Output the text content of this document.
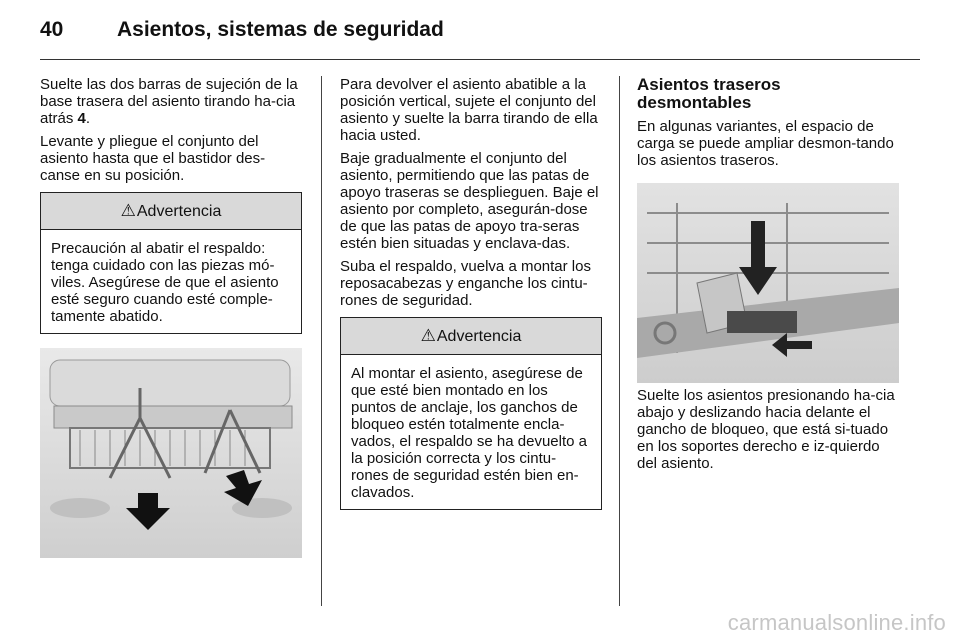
40	Asientos, sistemas de seguridad

Suelte las dos barras de sujeción de la base trasera del asiento tirando ha-cia atrás 4.

Levante y pliegue el conjunto del asiento hasta que el bastidor des-canse en su posición.

⚠Advertencia
Precaución al abatir el respaldo: tenga cuidado con las piezas mó-viles. Asegúrese de que el asiento esté seguro cuando esté comple-tamente abatido.

Para devolver el asiento abatible a la posición vertical, sujete el conjunto del asiento y suelte la barra tirando de ella hacia usted.

Baje gradualmente el conjunto del asiento, permitiendo que las patas de apoyo traseras se desplieguen. Baje el asiento por completo, asegurán-dose de que las patas de apoyo tra-seras estén bien situadas y enclava-das.

Suba el respaldo, vuelva a montar los reposacabezas y enganche los cintu-rones de seguridad.

⚠Advertencia
Al montar el asiento, asegúrese de que esté bien montado en los puntos de anclaje, los ganchos de bloqueo estén totalmente encla-vados, el respaldo se ha devuelto a la posición correcta y los cintu-rones de seguridad estén bien en-clavados.

Asientos traseros desmontables

En algunas variantes, el espacio de carga se puede ampliar desmon-tando los asientos traseros.

Suelte los asientos presionando ha-cia abajo y deslizando hacia delante el gancho de bloqueo, que está si-tuado en los soportes derecho e iz-quierdo del asiento.

carmanualsonline.info
